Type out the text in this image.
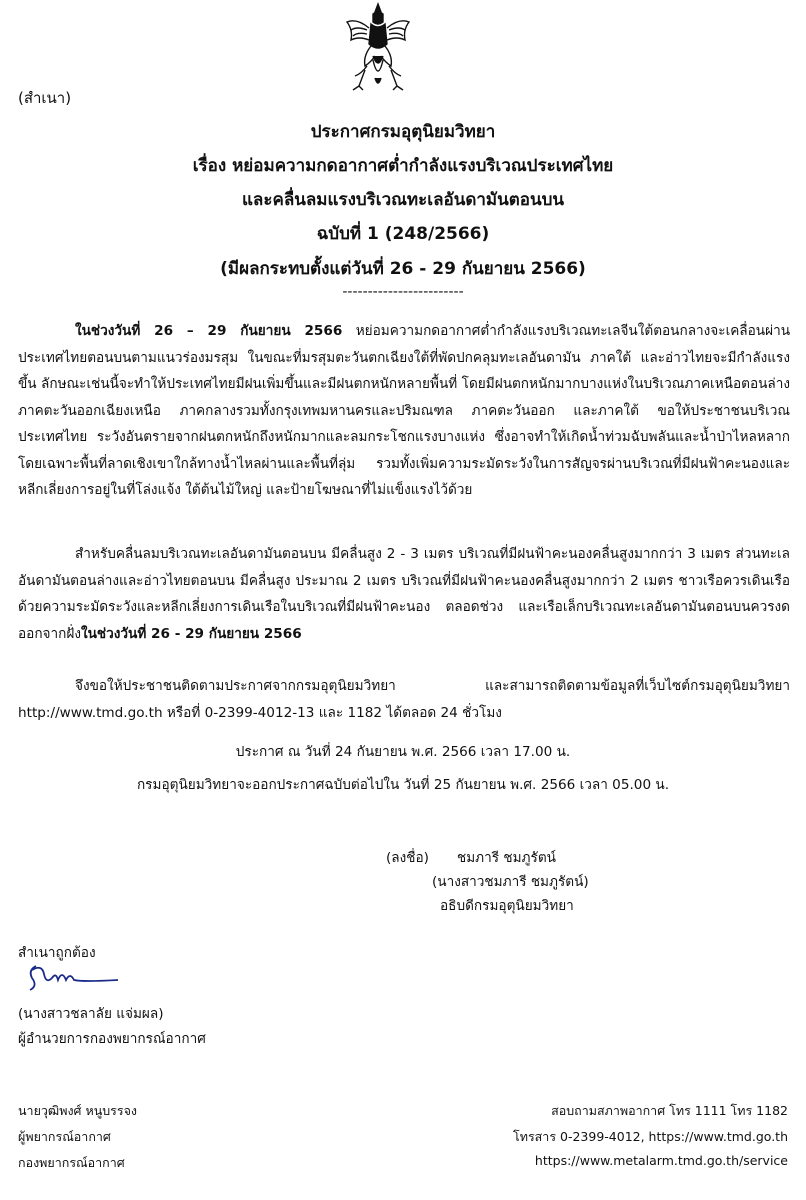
(สำเนา)
ประกาศกรมอุตุนิยมวิทยา
เรื่อง หย่อมความกดอากาศต่ำกำลังแรงบริเวณประเทศไทย
และคลื่นลมแรงบริเวณทะเลอันดามันตอนบน
ฉบับที่ 1 (248/2566)
(มีผลกระทบตั้งแต่วันที่ 26 - 29 กันยายน 2566)
------------------------

ในช่วงวันที่ 26 – 29 กันยายน 2566 หย่อมความกดอากาศต่ำกำลังแรงบริเวณทะเลจีนใต้ตอนกลางจะเคลื่อนผ่านประเทศไทยตอนบนตามแนวร่องมรสุม ในขณะที่มรสุมตะวันตกเฉียงใต้ที่พัดปกคลุมทะเลอันดามัน ภาคใต้ และอ่าวไทยจะมีกำลังแรงขึ้น ลักษณะเช่นนี้จะทำให้ประเทศไทยมีฝนเพิ่มขึ้นและมีฝนตกหนักหลายพื้นที่ โดยมีฝนตกหนักมากบางแห่งในบริเวณภาคเหนือตอนล่าง ภาคตะวันออกเฉียงเหนือ ภาคกลางรวมทั้งกรุงเทพมหานครและปริมณฑล ภาคตะวันออก และภาคใต้ ขอให้ประชาชนบริเวณประเทศไทย ระวังอันตรายจากฝนตกหนักถึงหนักมากและลมกระโชกแรงบางแห่ง ซึ่งอาจทำให้เกิดน้ำท่วมฉับพลันและน้ำป่าไหลหลาก โดยเฉพาะพื้นที่ลาดเชิงเขาใกล้ทางน้ำไหลผ่านและพื้นที่ลุ่ม รวมทั้งเพิ่มความระมัดระวังในการสัญจรผ่านบริเวณที่มีฝนฟ้าคะนองและหลีกเลี่ยงการอยู่ในที่โล่งแจ้ง ใต้ต้นไม้ใหญ่ และป้ายโฆษณาที่ไม่แข็งแรงไว้ด้วย

สำหรับคลื่นลมบริเวณทะเลอันดามันตอนบน มีคลื่นสูง 2 - 3 เมตร บริเวณที่มีฝนฟ้าคะนองคลื่นสูงมากกว่า 3 เมตร ส่วนทะเลอันดามันตอนล่างและอ่าวไทยตอนบน มีคลื่นสูง ประมาณ 2 เมตร บริเวณที่มีฝนฟ้าคะนองคลื่นสูงมากกว่า 2 เมตร ชาวเรือควรเดินเรือด้วยความระมัดระวังและหลีกเลี่ยงการเดินเรือในบริเวณที่มีฝนฟ้าคะนอง ตลอดช่วง และเรือเล็กบริเวณทะเลอันดามันตอนบนควรงดออกจากฝั่งในช่วงวันที่ 26 - 29 กันยายน 2566

จึงขอให้ประชาชนติดตามประกาศจากกรมอุตุนิยมวิทยา และสามารถติดตามข้อมูลที่เว็บไซต์กรมอุตุนิยมวิทยา http://www.tmd.go.th หรือที่ 0-2399-4012-13 และ 1182 ได้ตลอด 24 ชั่วโมง

ประกาศ ณ วันที่ 24 กันยายน พ.ศ. 2566 เวลา 17.00 น.
กรมอุตุนิยมวิทยาจะออกประกาศฉบับต่อไปใน วันที่ 25 กันยายน พ.ศ. 2566 เวลา 05.00 น.
(ลงชื่อ) ชมภารี ชมภูรัตน์
(นางสาวชมภารี ชมภูรัตน์)
อธิบดีกรมอุตุนิยมวิทยา
สำเนาถูกต้อง
(นางสาวชลาลัย แจ่มผล)
ผู้อำนวยการกองพยากรณ์อากาศ
นายวุฒิพงศ์ หนูบรรจง
ผู้พยากรณ์อากาศ
กองพยากรณ์อากาศ
สอบถามสภาพอากาศ โทร 1111 โทร 1182
โทรสาร 0-2399-4012, https://www.tmd.go.th
https://www.metalarm.tmd.go.th/service
